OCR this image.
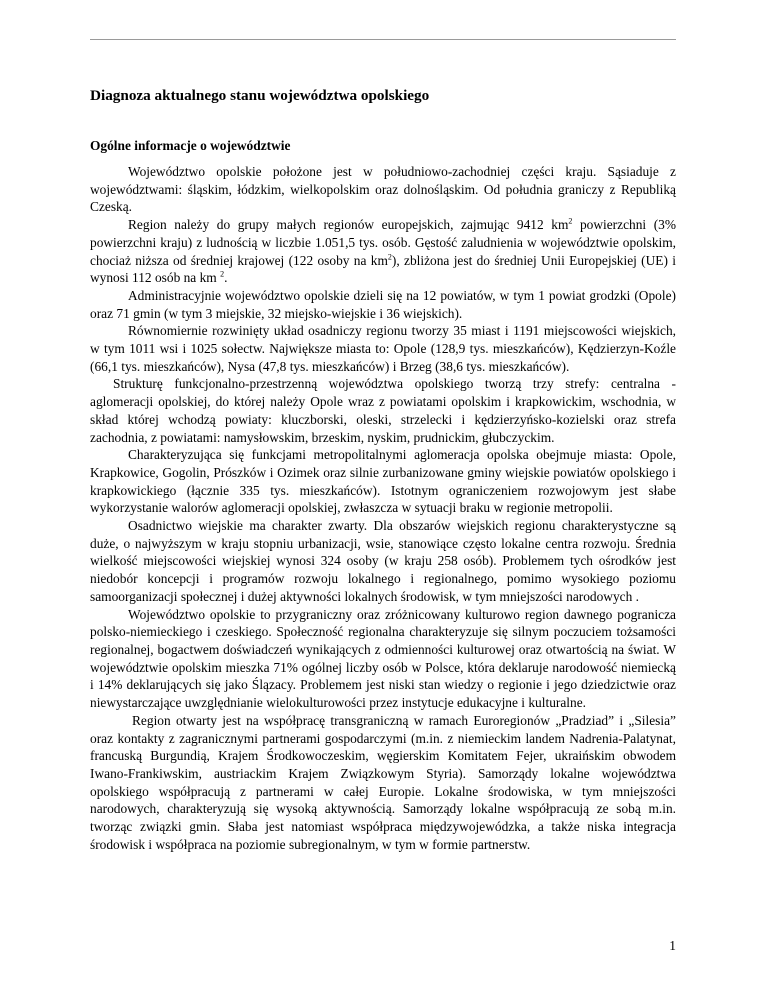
Diagnoza aktualnego stanu województwa opolskiego
Ogólne informacje o województwie

Województwo opolskie położone jest w południowo-zachodniej części kraju. Sąsiaduje z województwami: śląskim, łódzkim, wielkopolskim oraz dolnośląskim. Od południa graniczy z Republiką Czeską.

Region należy do grupy małych regionów europejskich, zajmując 9412 $km^2$ powierzchni (3% powierzchni kraju) z ludnością w liczbie 1.051,5 tys. osób. Gęstość zaludnienia w województwie opolskim, chociaż niższa od średniej krajowej (122 osoby na $km^2$), zbliżona jest do średniej Unii Europejskiej (UE) i wynosi 112 osób na km $^2$.

Administracyjnie województwo opolskie dzieli się na 12 powiatów, w tym 1 powiat grodzki (Opole) oraz 71 gmin (w tym 3 miejskie, 32 miejsko-wiejskie i 36 wiejskich).

Równomiernie rozwinięty układ osadniczy regionu tworzy 35 miast i 1191 miejscowości wiejskich, w tym 1011 wsi i 1025 sołectw. Największe miasta to: Opole (128,9 tys. mieszkańców), Kędzierzyn-Koźle (66,1 tys. mieszkańców), Nysa (47,8 tys. mieszkańców) i Brzeg (38,6 tys. mieszkańców).

Strukturę funkcjonalno-przestrzenną województwa opolskiego tworzą trzy strefy: centralna - aglomeracji opolskiej, do której należy Opole wraz z powiatami opolskim i krapkowickim, wschodnia, w skład której wchodzą powiaty: kluczborski, oleski, strzelecki i kędzierzyńsko-kozielski oraz strefa zachodnia, z powiatami: namysłowskim, brzeskim, nyskim, prudnickim, głubczyckim.

Charakteryzująca się funkcjami metropolitalnymi aglomeracja opolska obejmuje miasta: Opole, Krapkowice, Gogolin, Prószków i Ozimek oraz silnie zurbanizowane gminy wiejskie powiatów opolskiego i krapkowickiego (łącznie 335 tys. mieszkańców). Istotnym ograniczeniem rozwojowym jest słabe wykorzystanie walorów aglomeracji opolskiej, zwłaszcza w sytuacji braku w regionie metropolii.

Osadnictwo wiejskie ma charakter zwarty. Dla obszarów wiejskich regionu charakterystyczne są duże, o najwyższym w kraju stopniu urbanizacji, wsie, stanowiące często lokalne centra rozwoju. Średnia wielkość miejscowości wiejskiej wynosi 324 osoby (w kraju 258 osób). Problemem tych ośrodków jest niedobór koncepcji i programów rozwoju lokalnego i regionalnego, pomimo wysokiego poziomu samoorganizacji społecznej i dużej aktywności lokalnych środowisk, w tym mniejszości narodowych .

Województwo opolskie to przygraniczny oraz zróżnicowany kulturowo region dawnego pogranicza polsko-niemieckiego i czeskiego. Społeczność regionalna charakteryzuje się silnym poczuciem tożsamości regionalnej, bogactwem doświadczeń wynikających z odmienności kulturowej oraz otwartością na świat. W województwie opolskim mieszka 71% ogólnej liczby osób w Polsce, która deklaruje narodowość niemiecką i 14% deklarujących się jako Ślązacy. Problemem jest niski stan wiedzy o regionie i jego dziedzictwie oraz niewystarczające uwzględnianie wielokulturowości przez instytucje edukacyjne i kulturalne.

Region otwarty jest na współpracę transgraniczną w ramach Euroregionów „Pradziad” i „Silesia” oraz kontakty z zagranicznymi partnerami gospodarczymi (m.in. z niemieckim landem Nadrenia-Palatynat, francuską Burgundią, Krajem Środkowoczeskim, węgierskim Komitatem Fejer, ukraińskim obwodem Iwano-Frankiwskim, austriackim Krajem Związkowym Styria). Samorządy lokalne województwa opolskiego współpracują z partnerami w całej Europie. Lokalne środowiska, w tym mniejszości narodowych, charakteryzują się wysoką aktywnością. Samorządy lokalne współpracują ze sobą m.in. tworząc związki gmin. Słaba jest natomiast współpraca międzywojewódzka, a także niska integracja środowisk i współpraca na poziomie subregionalnym, w tym w formie partnerstw.

1
